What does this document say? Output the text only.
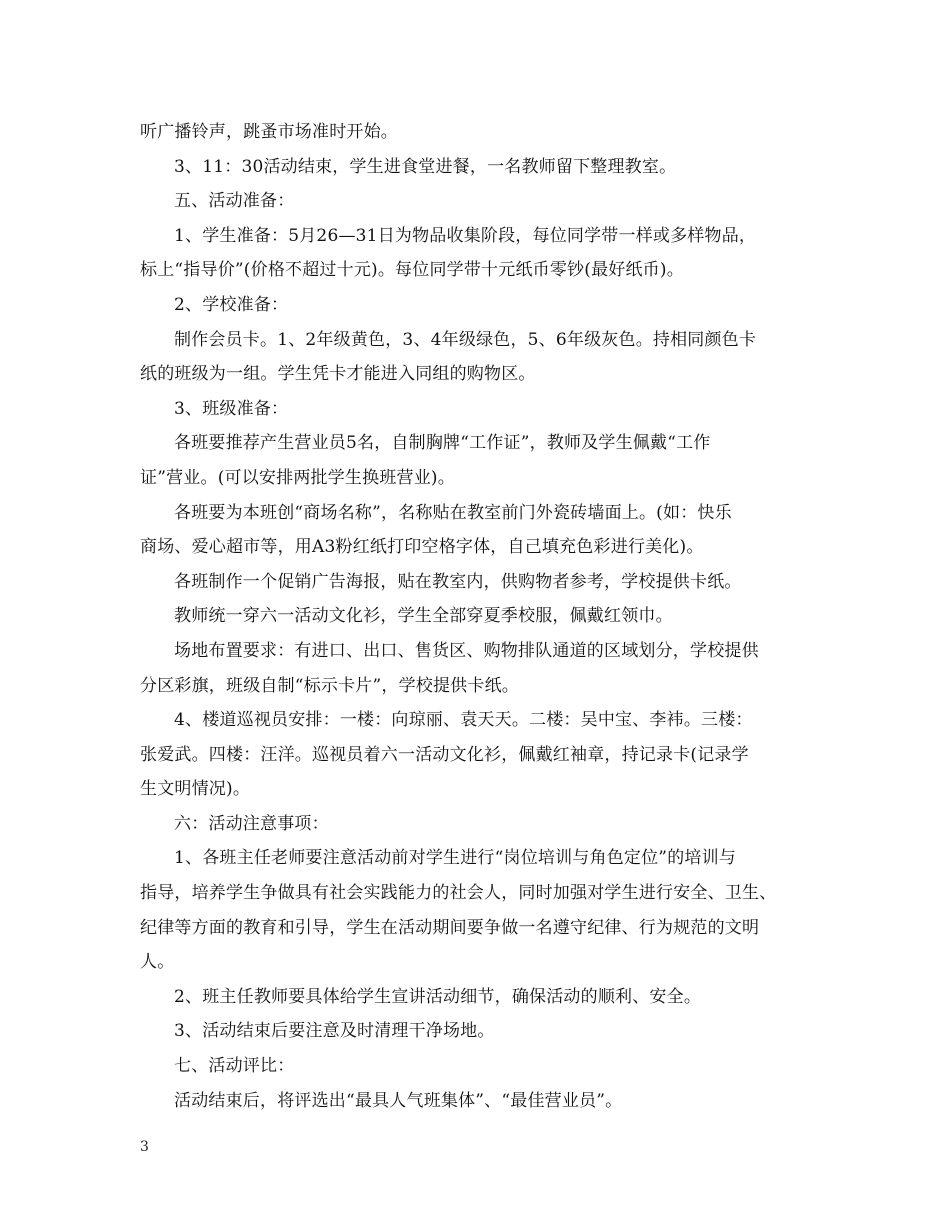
听广播铃声，跳蚤市场准时开始。
3、11：30活动结束，学生进食堂进餐，一名教师留下整理教室。
五、活动准备：
1、学生准备：5月26—31日为物品收集阶段，每位同学带一样或多样物品，
标上“指导价”(价格不超过十元)。每位同学带十元纸币零钞(最好纸币)。
2、学校准备：
制作会员卡。1、2年级黄色，3、4年级绿色，5、6年级灰色。持相同颜色卡
纸的班级为一组。学生凭卡才能进入同组的购物区。
3、班级准备：
各班要推荐产生营业员5名，自制胸牌“工作证”，教师及学生佩戴“工作
证”营业。(可以安排两批学生换班营业)。
各班要为本班创“商场名称”，名称贴在教室前门外瓷砖墙面上。(如：快乐
商场、爱心超市等，用A3粉红纸打印空格字体，自己填充色彩进行美化)。
各班制作一个促销广告海报，贴在教室内，供购物者参考，学校提供卡纸。
教师统一穿六一活动文化衫，学生全部穿夏季校服，佩戴红领巾。
场地布置要求：有进口、出口、售货区、购物排队通道的区域划分，学校提供
分区彩旗，班级自制“标示卡片”，学校提供卡纸。
4、楼道巡视员安排：一楼：向琼丽、袁天天。二楼：吴中宝、李袆。三楼：
张爱武。四楼：汪洋。巡视员着六一活动文化衫，佩戴红袖章，持记录卡(记录学
生文明情况)。
六：活动注意事项：
1、各班主任老师要注意活动前对学生进行“岗位培训与角色定位”的培训与
指导，培养学生争做具有社会实践能力的社会人，同时加强对学生进行安全、卫生、
纪律等方面的教育和引导，学生在活动期间要争做一名遵守纪律、行为规范的文明
人。
2、班主任教师要具体给学生宣讲活动细节，确保活动的顺利、安全。
3、活动结束后要注意及时清理干净场地。
七、活动评比：
活动结束后，将评选出“最具人气班集体”、“最佳营业员”。
3
